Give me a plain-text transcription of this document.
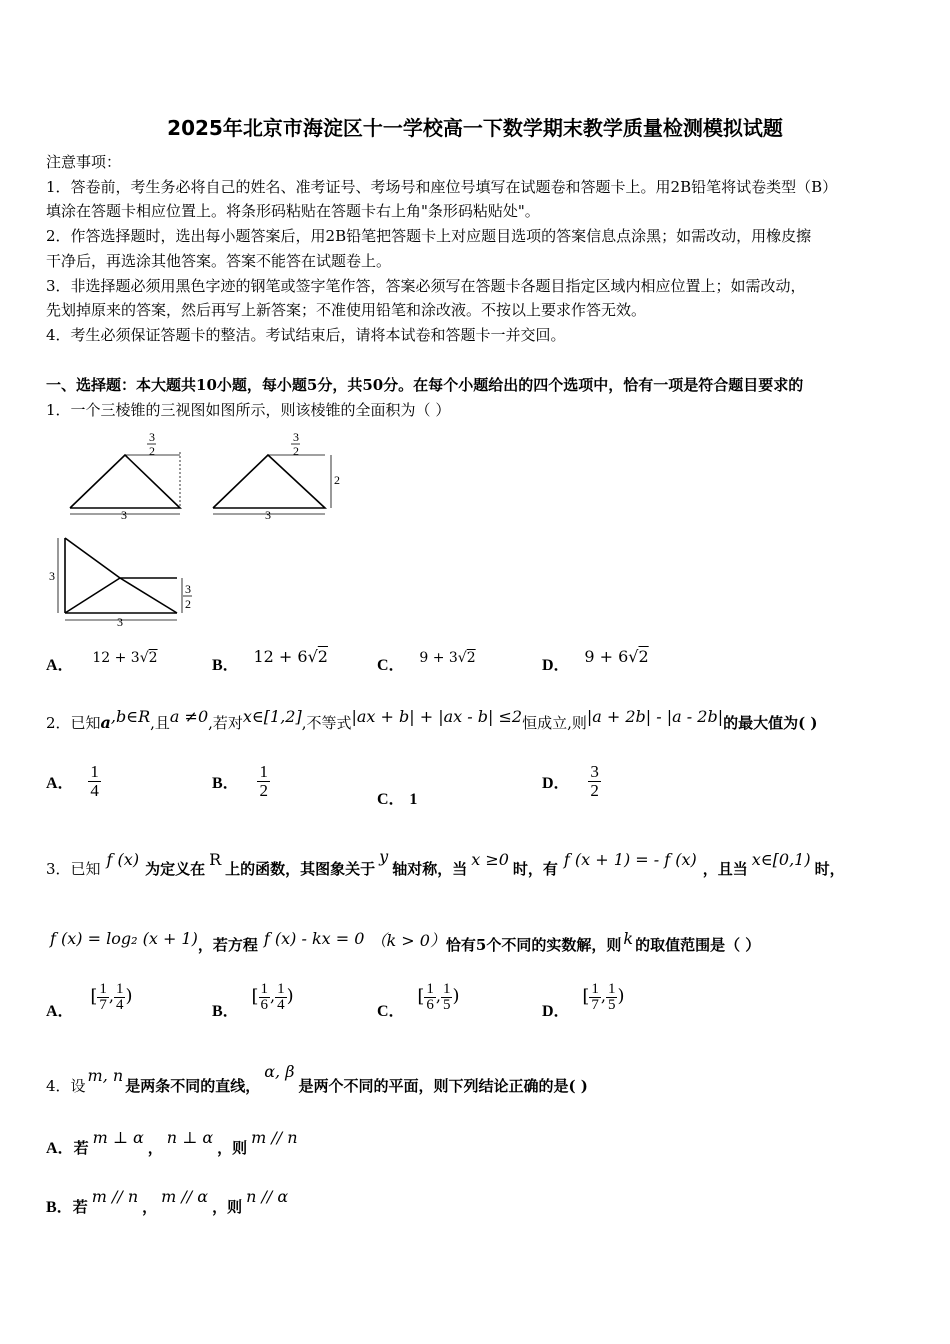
2025年北京市海淀区十一学校高一下数学期末教学质量检测模拟试题
注意事项：
1．答卷前，考生务必将自己的姓名、准考证号、考场号和座位号填写在试题卷和答题卡上。用2B铅笔将试卷类型（B）
填涂在答题卡相应位置上。将条形码粘贴在答题卡右上角"条形码粘贴处"。
2．作答选择题时，选出每小题答案后，用2B铅笔把答题卡上对应题目选项的答案信息点涂黑；如需改动，用橡皮擦
干净后，再选涂其他答案。答案不能答在试题卷上。
3．非选择题必须用黑色字迹的钢笔或签字笔作答，答案必须写在答题卡各题目指定区域内相应位置上；如需改动，
先划掉原来的答案，然后再写上新答案；不准使用铅笔和涂改液。不按以上要求作答无效。
4．考生必须保证答题卡的整洁。考试结束后，请将本试卷和答题卡一并交回。
一、选择题：本大题共10小题，每小题5分，共50分。在每个小题给出的四个选项中，恰有一项是符合题目要求的
1．一个三棱锥的三视图如图所示，则该棱锥的全面积为（ ）
3
2
3
3
2
2
3
3
3
2
3
A． 12 + 3√2	B． 12 + 6√2	C． 9 + 3√2	D． 9 + 6√2
2．已知a,b∈R,且a ≠0,若对x∈[1,2],不等式|ax + b| + |ax - b| ≤2恒成立,则|a + 2b| - |a - 2b|的最大值为( )
A． $\frac{1}{4}$	B． $\frac{1}{2}$	C． 1
D． $\frac{3}{2}$
3．已知 f (x) 为定义在 R 上的函数，其图象关于y轴对称，当 x ≥0 时，有 f (x + 1) = - f (x) ，且当 x∈[0,1) 时，
f (x) = log₂ (x + 1)，若方程 f (x) - kx = 0 （k > 0）恰有5个不同的实数解，则 k 的取值范围是（ ）
A． [ $\frac{1}{7}$ , $\frac{1}{4}$ )
B． [ $\frac{1}{6}$ , $\frac{1}{4}$ )
C． [ $\frac{1}{6}$ , $\frac{1}{5}$ )
D． [ $\frac{1}{7}$ , $\frac{1}{5}$ )
4．设m, n是两条不同的直线，α, β是两个不同的平面，则下列结论正确的是( )
A．若m ⊥ α，n ⊥ α，则m // n
B．若m // n，m // α，则n // α
